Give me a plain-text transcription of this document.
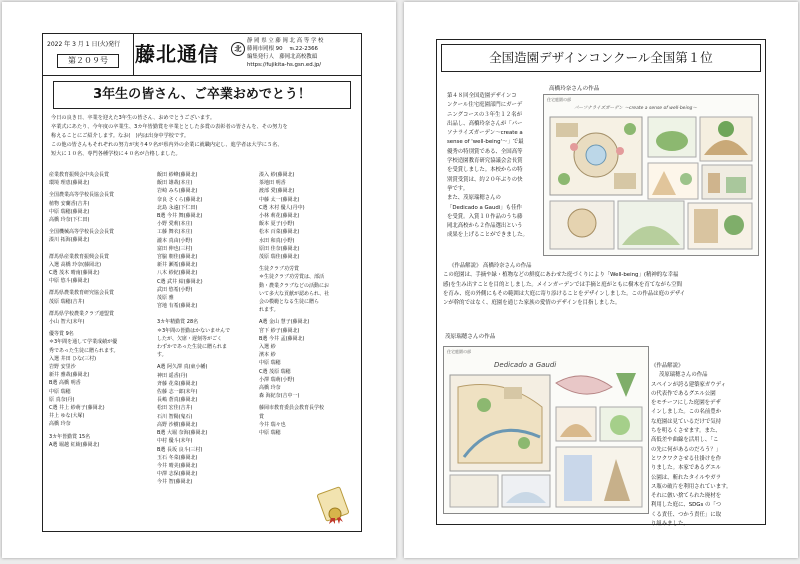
2022 年 3 月 1 日(火)発行
第２０９号	藤北通信	北
静 岡 県 立 藤 岡 北 高 等 学 校
藤岡市岡根 90 　℡22-2366
編集発行人　藤岡北高校教頭
https://fujikita-hs.gsn.ed.jp/
3年生の皆さん、ご卒業おめでとう！
今日の良き日、卒業を迎えた3年生の皆さん、おめでとうございます。
卒業式にあたり、今年度の卒業生、3カ年皆勤賞を卒業ととした多賞の表彰者の皆さんを、その努力を
称えることにご紹介します。なお(　)内は出身中学校です。
この他の皆さんもそれぞれの努力が実り4９名が県内外の企業に就職内定し、進学者は大学に５名、
短大に１０名、専門各種学校に４０名が合格しました。
産業教育振興会中央会長賞
環境 理恵(藤岡北)
全国農業高等学校長協会長賞
植物 安蘭香(吉井)
中原 瑞穂(藤岡北)
高橋 玲奈(下仁田)
全国機械高等学校長会会長賞
湊川 拓海(藤岡北)
群馬県産業教育振興会長賞
入選 高橋 玲奈(藤岡北)
C選 茂木 晴南(藤岡北)
中原 悠斗(藤岡北)
群馬県農業教育研究協会長賞
茂原 瑞穂(吉井)
群馬県学校農業クラブ連盟賞
小山 智大(末年)
優等賞 9名
＊3年間を通して学業成績が優
秀であった生徒に贈られます。
入選 井田 ひな(三村)
岩野 安里沙
新井 雅哉(藤岡北)
B選 高橋 明香
中原 瑞穂
原 真奈(丹)
C選 井上 紗萌子(藤岡北)
井上 ゆな(大塚)
高橋 玲奈
3カ年皆勤賞 15名
A選 堀越 紅綾(藤岡北)
飯田 紗峰(藤岡北)
飯田 雄哉(本庄)
岩崎 みち(藤岡北)
奈良 さくら(藤岡北)
北島 永遠(下仁田)
B選 今井 舞(藤岡北)
小野 愛莉(本庄)
工藤 舞衣(本庄)
瀧本 真由(小野)
富田 伸也(三村)
宮脇 朝佳(藤岡北)
新井 瀬希(藤岡北)
八木 紗紀(藤岡北)
C選 武井 結(藤岡北)
武田 悠希(小野)
茂原 雅
宮地 有希(藤岡北)
3カ年精勤賞 28名
＊3年間の皆勤はかないませんで
したが、欠席・遅刻等がごく
わずかであった生徒に贈られま
す。
A選 阿久澤 真(東小幡)
神田 遥香(丹)
斉藤 花菜(藤岡北)
佐藤 志一郎(末年)
長嶋 蒼真(藤岡北)
松田 宏佳(吉井)
石川 智陽(鬼石)
高野 沙樹(藤岡北)
B選 大堀 奈海(藤岡北)
中村 優斗(末年)
B選 長坂 良斗(三村)
玉石 冬菜(藤岡北)
今井 晴美(藤岡北)
中澤 志保(藤岡北)
今井 智(藤岡北)
湊入 紗(藤岡北)
茶地田 明香
渡部 愛(藤岡北)
中藤 太一(藤岡北)
C選 木村 優人(丹中)
小林 莉花(藤岡北)
飯本 夏子(小野)
松本 百菜(藤岡北)
水田 和真(小野)
原田 佳奈(藤岡北)
茂原 瑞佳(藤岡北)
生徒クラブ功労賞
＊生徒クラブ功労賞は、部活
動・農業クラブなどの活動にお
いて多大な貢献が認められ、社
会の模範となる生徒に贈ら
れます。
A選 金山 慧子(藤岡北)
宮下 紗子(藤岡北)
B選 今井 孟(藤岡北)
入選 紗
濱本 紗
中原 瑞穂
C選 茂原 瑞穂
小澤 瑞萌(小野)
高橋 玲奈
森 海紀奈(吉中一)
藤岡市教育委員会教育長学校
賞
今井 瑞々也
中原 瑞穂
全国造園デザインコンクール全国第１位
第４８回全国造園デザインコ
ンクール住宅庭園部門にガーデ
ニングコースの３年生１２名が
出品し、高橋玲奈さんが「パー
ソナライズガーデン～create a
sense of 'well-being'～」で最
優秀の特別賞である、全国高等
学校造園教育研究協議会会長賞
を受賞しました。本校からの特
別賞受賞は、約２０年ぶりの快
挙です。
また、茂原瑞穂さんの
「Dedicado a Gaudi」も佳作
を受賞。入賞１０作品のうち藤
岡北高校から２作品選出という
成果を上げることができました。
高橋玲奈さんの作品
住宅庭園の部
パーソナライズガーデン ～create a sense of well-being～
《作品解説》 高橋玲奈さんの作品
この庭園は、手摘や緑・植物などの鮮度にあわせた庭づくりにより「Well-being」(精神的な幸福
感)を生み出すことを目的としました。メインガーデンでは手摘と庭がともに樹木を育てながら空間
を育み、庭の外側にもその範囲は大庭に寄り添けることをデザインしました。この作品は庭のデザイ
ンが幹的ではなく、庭園を通じた家族の愛情のデザインを目指しました。
茂原瑞穂さんの作品
住宅庭園の部
Dedicado a Gaudi	《作品解説》
茂原瑞穂さんの作品
スペインが誇る建築家ガウディ
の代表作であるグエル公園
をモチーフにした庭園をデザ
インしました。この名前豊か
な庭園は見ているだけで気持
ちを明るくさせます。また、
高低差や曲線を活用し、「こ
の先に何があるのだろう？」
とワクワクさせる仕掛けを作
りました。本家であるグエル
公園は、斬れたタイルやガラ
ス瓶の破片を利用されています。
それに倣い捨てられた廃材を
利用した庭に、SDGs の「つ
くる責任、つかう責任」に取
り組みました。
